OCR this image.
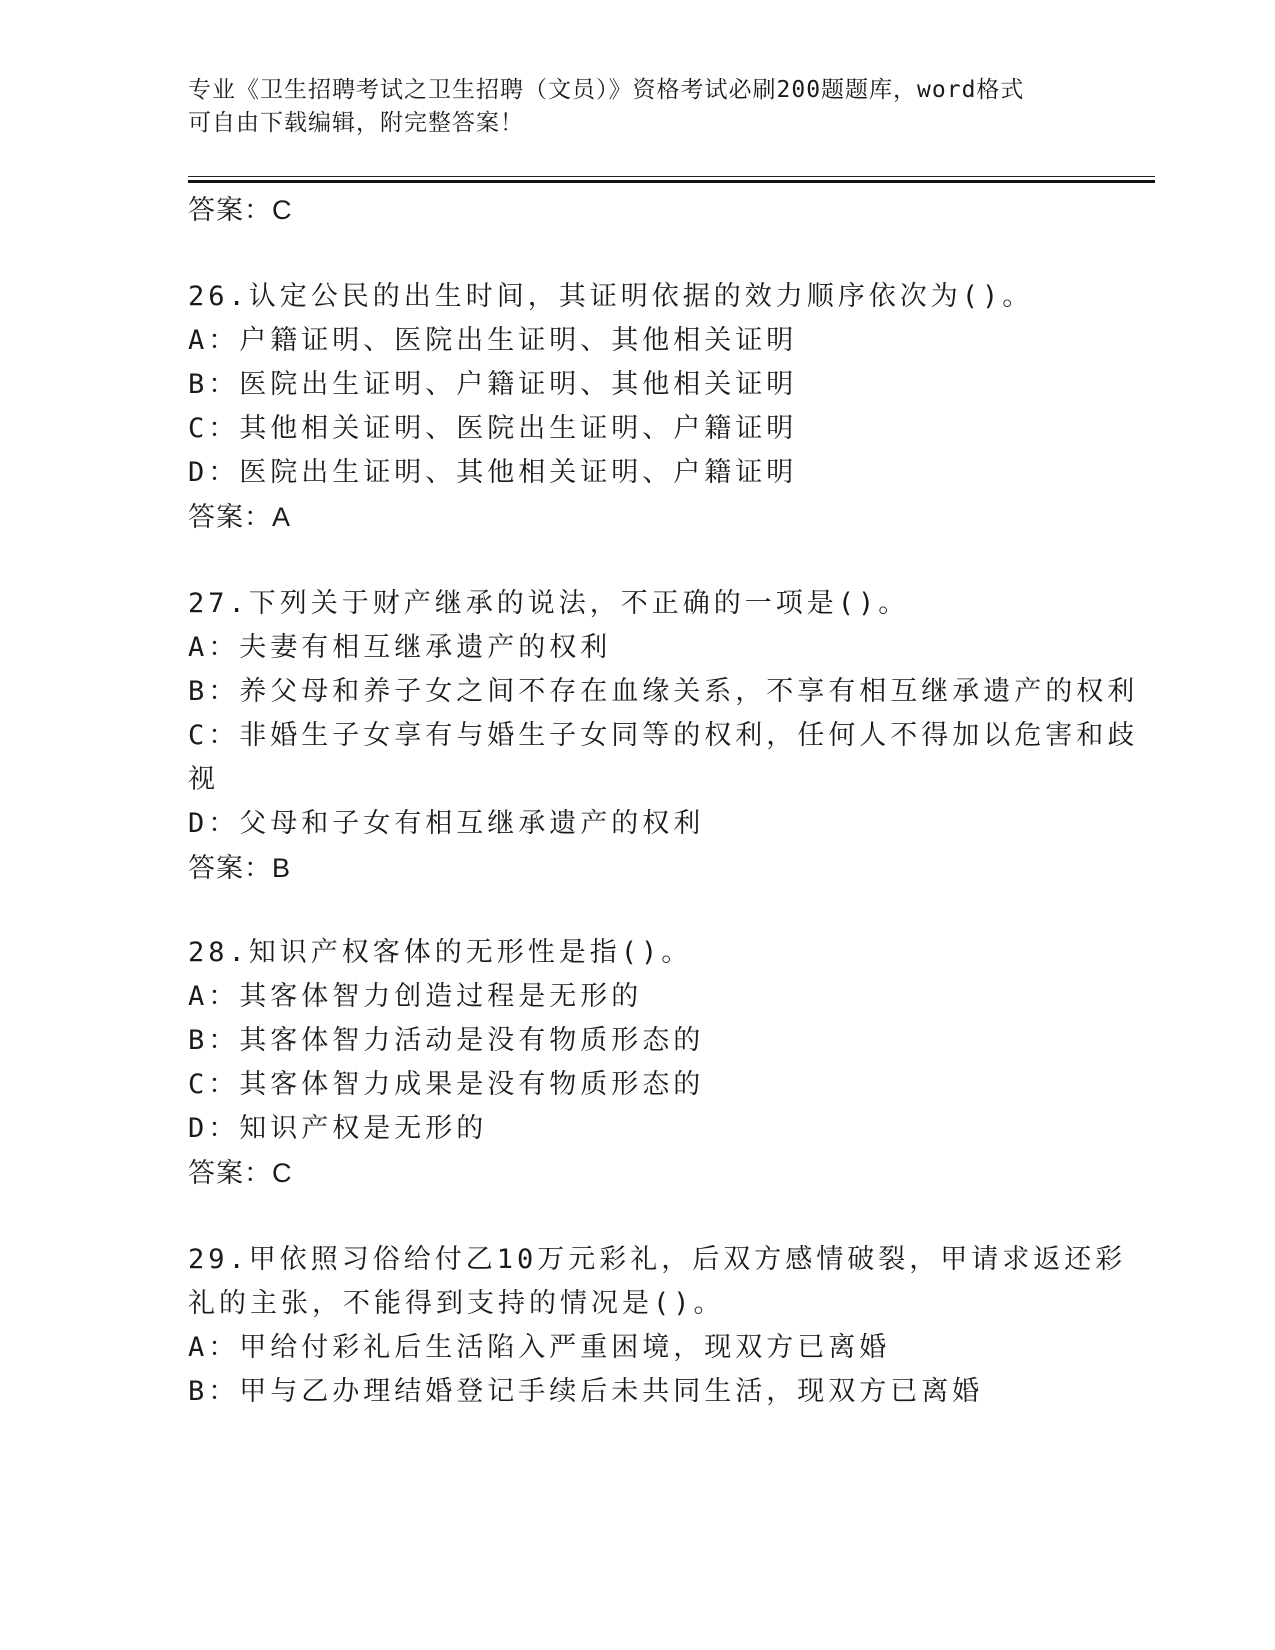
专业《卫生招聘考试之卫生招聘（文员）》资格考试必刷200题题库，word格式
可自由下载编辑，附完整答案！
答案：C
26.认定公民的出生时间，其证明依据的效力顺序依次为()。
A：户籍证明、医院出生证明、其他相关证明
B：医院出生证明、户籍证明、其他相关证明
C：其他相关证明、医院出生证明、户籍证明
D：医院出生证明、其他相关证明、户籍证明
答案：A
27.下列关于财产继承的说法，不正确的一项是()。
A：夫妻有相互继承遗产的权利
B：养父母和养子女之间不存在血缘关系，不享有相互继承遗产的权利
C：非婚生子女享有与婚生子女同等的权利，任何人不得加以危害和歧
视
D：父母和子女有相互继承遗产的权利
答案：B
28.知识产权客体的无形性是指()。
A：其客体智力创造过程是无形的
B：其客体智力活动是没有物质形态的
C：其客体智力成果是没有物质形态的
D：知识产权是无形的
答案：C
29.甲依照习俗给付乙10万元彩礼，后双方感情破裂，甲请求返还彩
礼的主张，不能得到支持的情况是()。
A：甲给付彩礼后生活陷入严重困境，现双方已离婚
B：甲与乙办理结婚登记手续后未共同生活，现双方已离婚
